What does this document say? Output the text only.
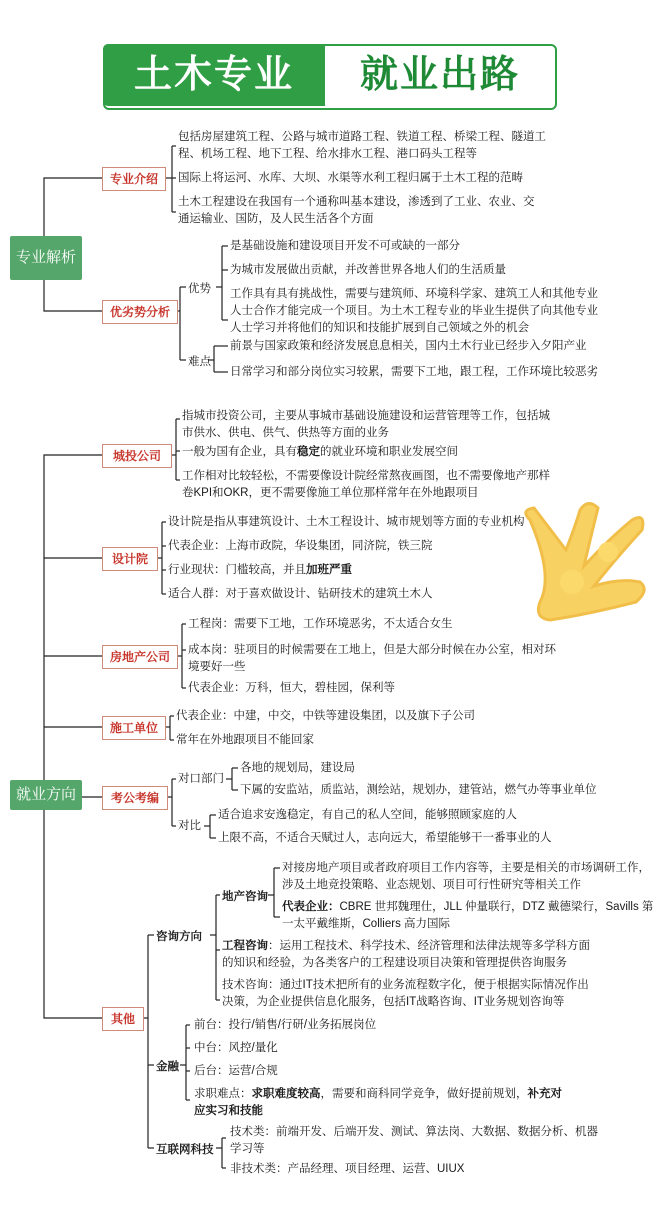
土木专业	就业出路
专业解析
专业介绍
包括房屋建筑工程、公路与城市道路工程、铁道工程、桥梁工程、隧道工
程、机场工程、地下工程、给水排水工程、港口码头工程等
国际上将运河、水库、大坝、水渠等水利工程归属于土木工程的范畴
土木工程建设在我国有一个通称叫基本建设，渗透到了工业、农业、交
通运输业、国防，及人民生活各个方面
优劣势分析
优势
是基础设施和建设项目开发不可或缺的一部分
为城市发展做出贡献，并改善世界各地人们的生活质量
工作具有具有挑战性，需要与建筑师、环境科学家、建筑工人和其他专业
人士合作才能完成一个项目。为土木工程专业的毕业生提供了向其他专业
人士学习并将他们的知识和技能扩展到自己领域之外的机会
难点
前景与国家政策和经济发展息息相关，国内土木行业已经步入夕阳产业
日常学习和部分岗位实习较累，需要下工地，跟工程，工作环境比较恶劣
就业方向
城投公司
指城市投资公司，主要从事城市基础设施建设和运营管理等工作，包括城
市供水、供电、供气、供热等方面的业务
一般为国有企业，具有稳定的就业环境和职业发展空间
工作相对比较轻松，不需要像设计院经常熬夜画图，也不需要像地产那样
卷KPI和OKR，更不需要像施工单位那样常年在外地跟项目
设计院
设计院是指从事建筑设计、土木工程设计、城市规划等方面的专业机构
代表企业：上海市政院，华设集团，同济院，铁三院
行业现状：门槛较高，并且加班严重
适合人群：对于喜欢做设计、钻研技术的建筑土木人
房地产公司
工程岗：需要下工地，工作环境恶劣，不太适合女生
成本岗：驻项目的时候需要在工地上，但是大部分时候在办公室，相对环
境要好一些
代表企业：万科，恒大，碧桂园，保利等
施工单位
代表企业：中建，中交，中铁等建设集团，以及旗下子公司
常年在外地跟项目不能回家
考公考编
对口部门
各地的规划局，建设局
下属的安监站，质监站，测绘站，规划办，建管站，燃气办等事业单位
对比
适合追求安逸稳定，有自己的私人空间，能够照顾家庭的人
上限不高，不适合天赋过人，志向远大，希望能够干一番事业的人
其他
咨询方向
地产咨询
对接房地产项目或者政府项目工作内容等，主要是相关的市场调研工作，
涉及土地竞投策略、业态规划、项目可行性研究等相关工作
代表企业：CBRE 世邦魏理仕，JLL 仲量联行，DTZ 戴德梁行，Savills 第
一太平戴维斯，Colliers 高力国际
工程咨询：运用工程技术、科学技术、经济管理和法律法规等多学科方面
的知识和经验，为各类客户的工程建设项目决策和管理提供咨询服务
技术咨询：通过IT技术把所有的业务流程数字化，便于根据实际情况作出
决策，为企业提供信息化服务，包括IT战略咨询、IT业务规划咨询等
金融
前台：投行/销售/行研/业务拓展岗位
中台：风控/量化
后台：运营/合规
求职难点：求职难度较高，需要和商科同学竞争，做好提前规划，补充对
应实习和技能
互联网科技
技术类：前端开发、后端开发、测试、算法岗、大数据、数据分析、机器
学习等
非技术类：产品经理、项目经理、运营、UIUX
